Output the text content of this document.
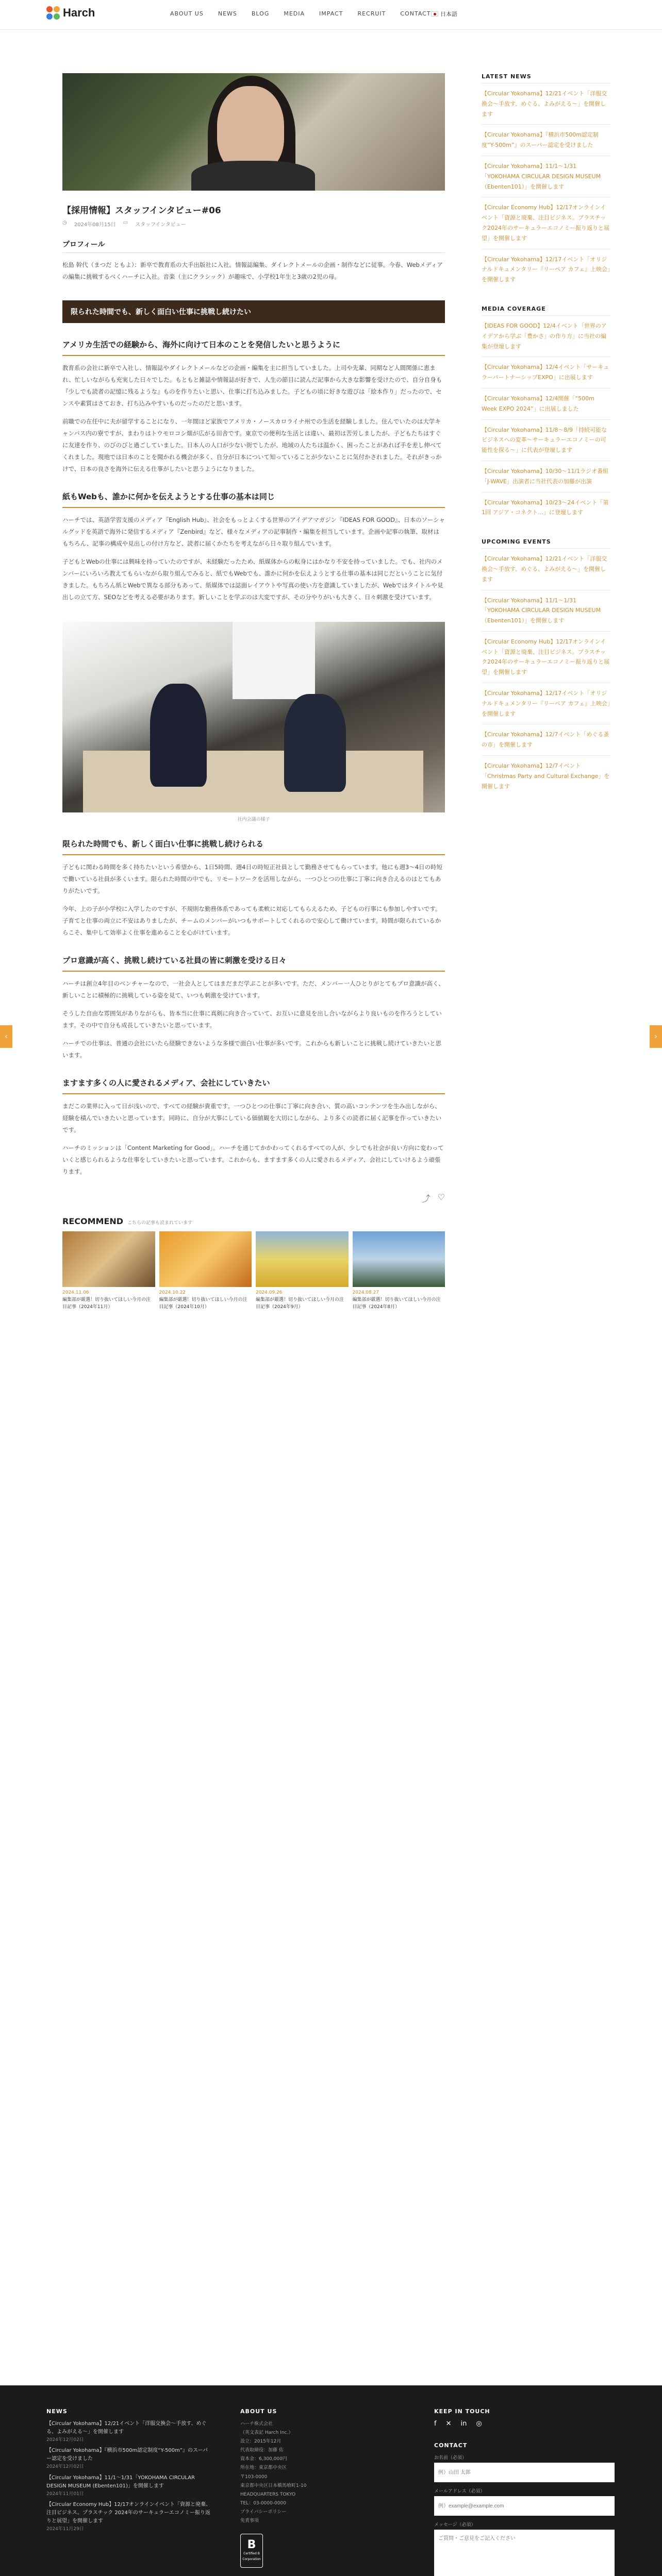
Harch	ABOUT US	NEWS	BLOG	MEDIA	IMPACT	RECRUIT	CONTACT 日本語
‹	›
【採用情報】スタッフインタビュー#06
◷ 2024年08月15日 ▭ スタッフインタビュー
プロフィール

松島 幹代（まつだ ともよ）：新卒で教育系の大手出版社に入社。情報誌編集、ダイレクトメールの企画・制作などに従事。今春、Webメディアの編集に挑戦するべくハーチに入社。音楽（主にクラシック）が趣味で、小学校1年生と3歳の2児の母。

限られた時間でも、新しく面白い仕事に挑戦し続けたい
アメリカ生活での経験から、海外に向けて日本のことを発信したいと思うように

教育系の会社に新卒で入社し、情報誌やダイレクトメールなどの企画・編集を主に担当していました。上司や先輩、同期など人間関係に恵まれ、忙しいながらも充実した日々でした。もともと雑誌や情報誌が好きで、人生の節目に読んだ記事から大きな影響を受けたので、自分自身も『少しでも読者の記憶に残るような』ものを作りたいと思い、仕事に打ち込みました。子どもの頃に好きな遊びは「絵本作り」だったので、センスや素質はさておき、打ち込みやすいものだったのだと思います。

前職での在任中に夫が留学することになり、一年間ほど家族でアメリカ・ノースカロライナ州での生活を経験しました。住んでいたのは大学キャンパス内の寮ですが、まわりはトウモロコシ畑が広がる田舎です。東京での便利な生活とは違い、最初は苦労しましたが、子どもたちはすぐに友達を作り、のびのびと過ごしていました。日本人の人口が少ない街でしたが、地域の人たちは温かく、困ったことがあれば手を差し伸べてくれました。現地では日本のことを聞かれる機会が多く、自分が日本について知っていることが少ないことに気付かされました。それがきっかけで、日本の良さを海外に伝える仕事がしたいと思うようになりました。

紙もWebも、誰かに何かを伝えようとする仕事の基本は同じ

ハーチでは、英語学習支援のメディア『English Hub』、社会をもっとよくする世界のアイデアマガジン『IDEAS FOR GOOD』、日本のソーシャルグッドを英語で海外に発信するメディア『Zenbird』など、様々なメディアの記事制作・編集を担当しています。企画や記事の執筆、取材はもちろん、記事の構成や見出しの付け方など、読者に届くかたちを考えながら日々取り組んでいます。

子どもとWebの仕事には興味を持っていたのですが、未経験だったため、紙媒体からの転身にはかなり不安を持っていました。でも、社内のメンバーにいろいろ教えてもらいながら取り組んでみると、紙でもWebでも、誰かに何かを伝えようとする仕事の基本は同じだということに気付きました。もちろん紙とWebで異なる部分もあって、紙媒体では誌面レイアウトや写真の使い方を意識していましたが、Webではタイトルや見出しの立て方、SEOなどを考える必要があります。新しいことを学ぶのは大変ですが、その分やりがいも大きく、日々刺激を受けています。

社内会議の様子
限られた時間でも、新しく面白い仕事に挑戦し続けられる

子どもに関わる時間を多く持ちたいという希望から、1日5時間、週4日の時短正社員として勤務させてもらっています。他にも週3〜4日の時短で働いている社員が多くいます。限られた時間の中でも、リモートワークを活用しながら、一つひとつの仕事に丁寧に向き合えるのはとてもありがたいです。

今年、上の子が小学校に入学したのですが、不規則な勤務体系であっても柔軟に対応してもらえるため、子どもの行事にも参加しやすいです。子育てと仕事の両立に不安はありましたが、チームのメンバーがいつもサポートしてくれるので安心して働けています。時間が限られているからこそ、集中して効率よく仕事を進めることを心がけています。

プロ意識が高く、挑戦し続けている社員の皆に刺激を受ける日々

ハーチは創立4年目のベンチャーなので、一社会人としてはまだまだ学ぶことが多いです。ただ、メンバー一人ひとりがとてもプロ意識が高く、新しいことに積極的に挑戦している姿を見て、いつも刺激を受けています。

そうした自由な雰囲気がありながらも、皆本当に仕事に真剣に向き合っていて、お互いに意見を出し合いながらより良いものを作ろうとしています。その中で自分も成長していきたいと思っています。

ハーチでの仕事は、普通の会社にいたら経験できないような多様で面白い仕事が多いです。これからも新しいことに挑戦し続けていきたいと思います。

ますます多くの人に愛されるメディア、会社にしていきたい

まだこの業界に入って日が浅いので、すべての経験が貴重です。一つひとつの仕事に丁寧に向き合い、質の高いコンテンツを生み出しながら、経験を積んでいきたいと思っています。同時に、自分が大事にしている価値観を大切にしながら、より多くの読者に届く記事を作っていきたいです。

ハーチのミッションは「Content Marketing for Good」。ハーチを通じてかかわってくれるすべての人が、少しでも社会が良い方向に変わっていくと感じられるような仕事をしていきたいと思っています。これからも、ますます多くの人に愛されるメディア、会社にしていけるよう頑張ります。

⤴ ♡
RECOMMEND こちらの記事も読まれています
2024.11.06
編集部が厳選！切り抜いてほしい今月の注目記事（2024年11月）
2024.10.22
編集部が厳選！切り抜いてほしい今月の注目記事（2024年10月）
2024.09.26
編集部が厳選！切り抜いてほしい今月の注目記事（2024年9月）
2024.08.27
編集部が厳選！切り抜いてほしい今月の注目記事（2024年8月）
LATEST NEWS
【Circular Yokohama】12/21イベント「洋服交換会〜手放す、めぐる、よみがえる〜」を開催します
【Circular Yokohama】『横浜市500m認定制度“Y-500m”』のスーパー認定を受けました
【Circular Yokohama】11/1〜1/31「YOKOHAMA CIRCULAR DESIGN MUSEUM （Ebenten101）」を開催します
【Circular Economy Hub】12/17オンラインイベント「資源と廃棄、注目ビジネス。プラスチック2024年のサーキュラーエコノミー振り返りと展望」を開催します
【Circular Yokohama】12/17イベント「オリジナルドキュメンタリー『リーペア カフェ』上映会」を開催します
MEDIA COVERAGE
【IDEAS FOR GOOD】12/4イベント「世界のアイデアから学ぶ「豊かさ」の作り方」に当社の編集が登壇します
【Circular Yokohama】12/4イベント「サーキュラーパートナーシップEXPO」に出展します
【Circular Yokohama】12/4開催「“500m Week EXPO 2024”」に出展しました
【Circular Yokohama】11/8〜8/9「持続可能なビジネスへの変革〜サーキュラーエコノミーの可能性を探る〜」に代表が登壇します
【Circular Yokohama】10/30〜11/1ラジオ番組「J-WAVE」出演者に当社代表の加藤が出演
【Circular Yokohama】10/23〜24イベント「第1回 アジア・コネクト…」に登壇します
UPCOMING EVENTS
【Circular Yokohama】12/21イベント「洋服交換会〜手放す、めぐる、よみがえる〜」を開催します
【Circular Yokohama】11/1〜1/31「YOKOHAMA CIRCULAR DESIGN MUSEUM （Ebenten101）」を開催します
【Circular Economy Hub】12/17オンラインイベント「資源と廃棄、注目ビジネス。プラスチック2024年のサーキュラーエコノミー振り返りと展望」を開催します
【Circular Yokohama】12/17イベント「オリジナルドキュメンタリー『リーペア カフェ』上映会」を開催します
【Circular Yokohama】12/7イベント「めぐる蚤の市」を開催します
【Circular Yokohama】12/7イベント「Christmas Party and Cultural Exchange」を開催します
NEWS
【Circular Yokohama】12/21イベント「洋服交換会〜手放す、めぐる、よみがえる〜」を開催します
2024年12月02日
【Circular Yokohama】『横浜市500m認定制度“Y-500m”』のスーパー認定を受けました
2024年12月02日
【Circular Yokohama】11/1〜1/31「YOKOHAMA CIRCULAR DESIGN MUSEUM (Ebenten101)」を開催します
2024年11月01日
【Circular Economy Hub】12/17オンラインイベント「資源と廃棄、注目ビジネス。プラスチック 2024年のサーキュラーエコノミー振り返りと展望」を開催します
2024年11月29日
ABOUT US
ハーチ株式会社
（英文表記 Harch Inc.）
設立：2015年12月
代表取締役：加藤 佑
資本金：6,300,000円
所在地：東京都中央区
〒103-0000
東京都中央区日本橋馬喰町1-10
HEADQUARTERS TOKYO
TEL：03-0000-0000
プライバシーポリシー
免責事項
B
Certified B Corporation
KEEP IN TOUCH
f ✕ in ◎
CONTACT
お名前（必須）
例）山田 太郎
メールアドレス（必須）
例）example@example.com
メッセージ（必須）
ご質問・ご意見をご記入ください
